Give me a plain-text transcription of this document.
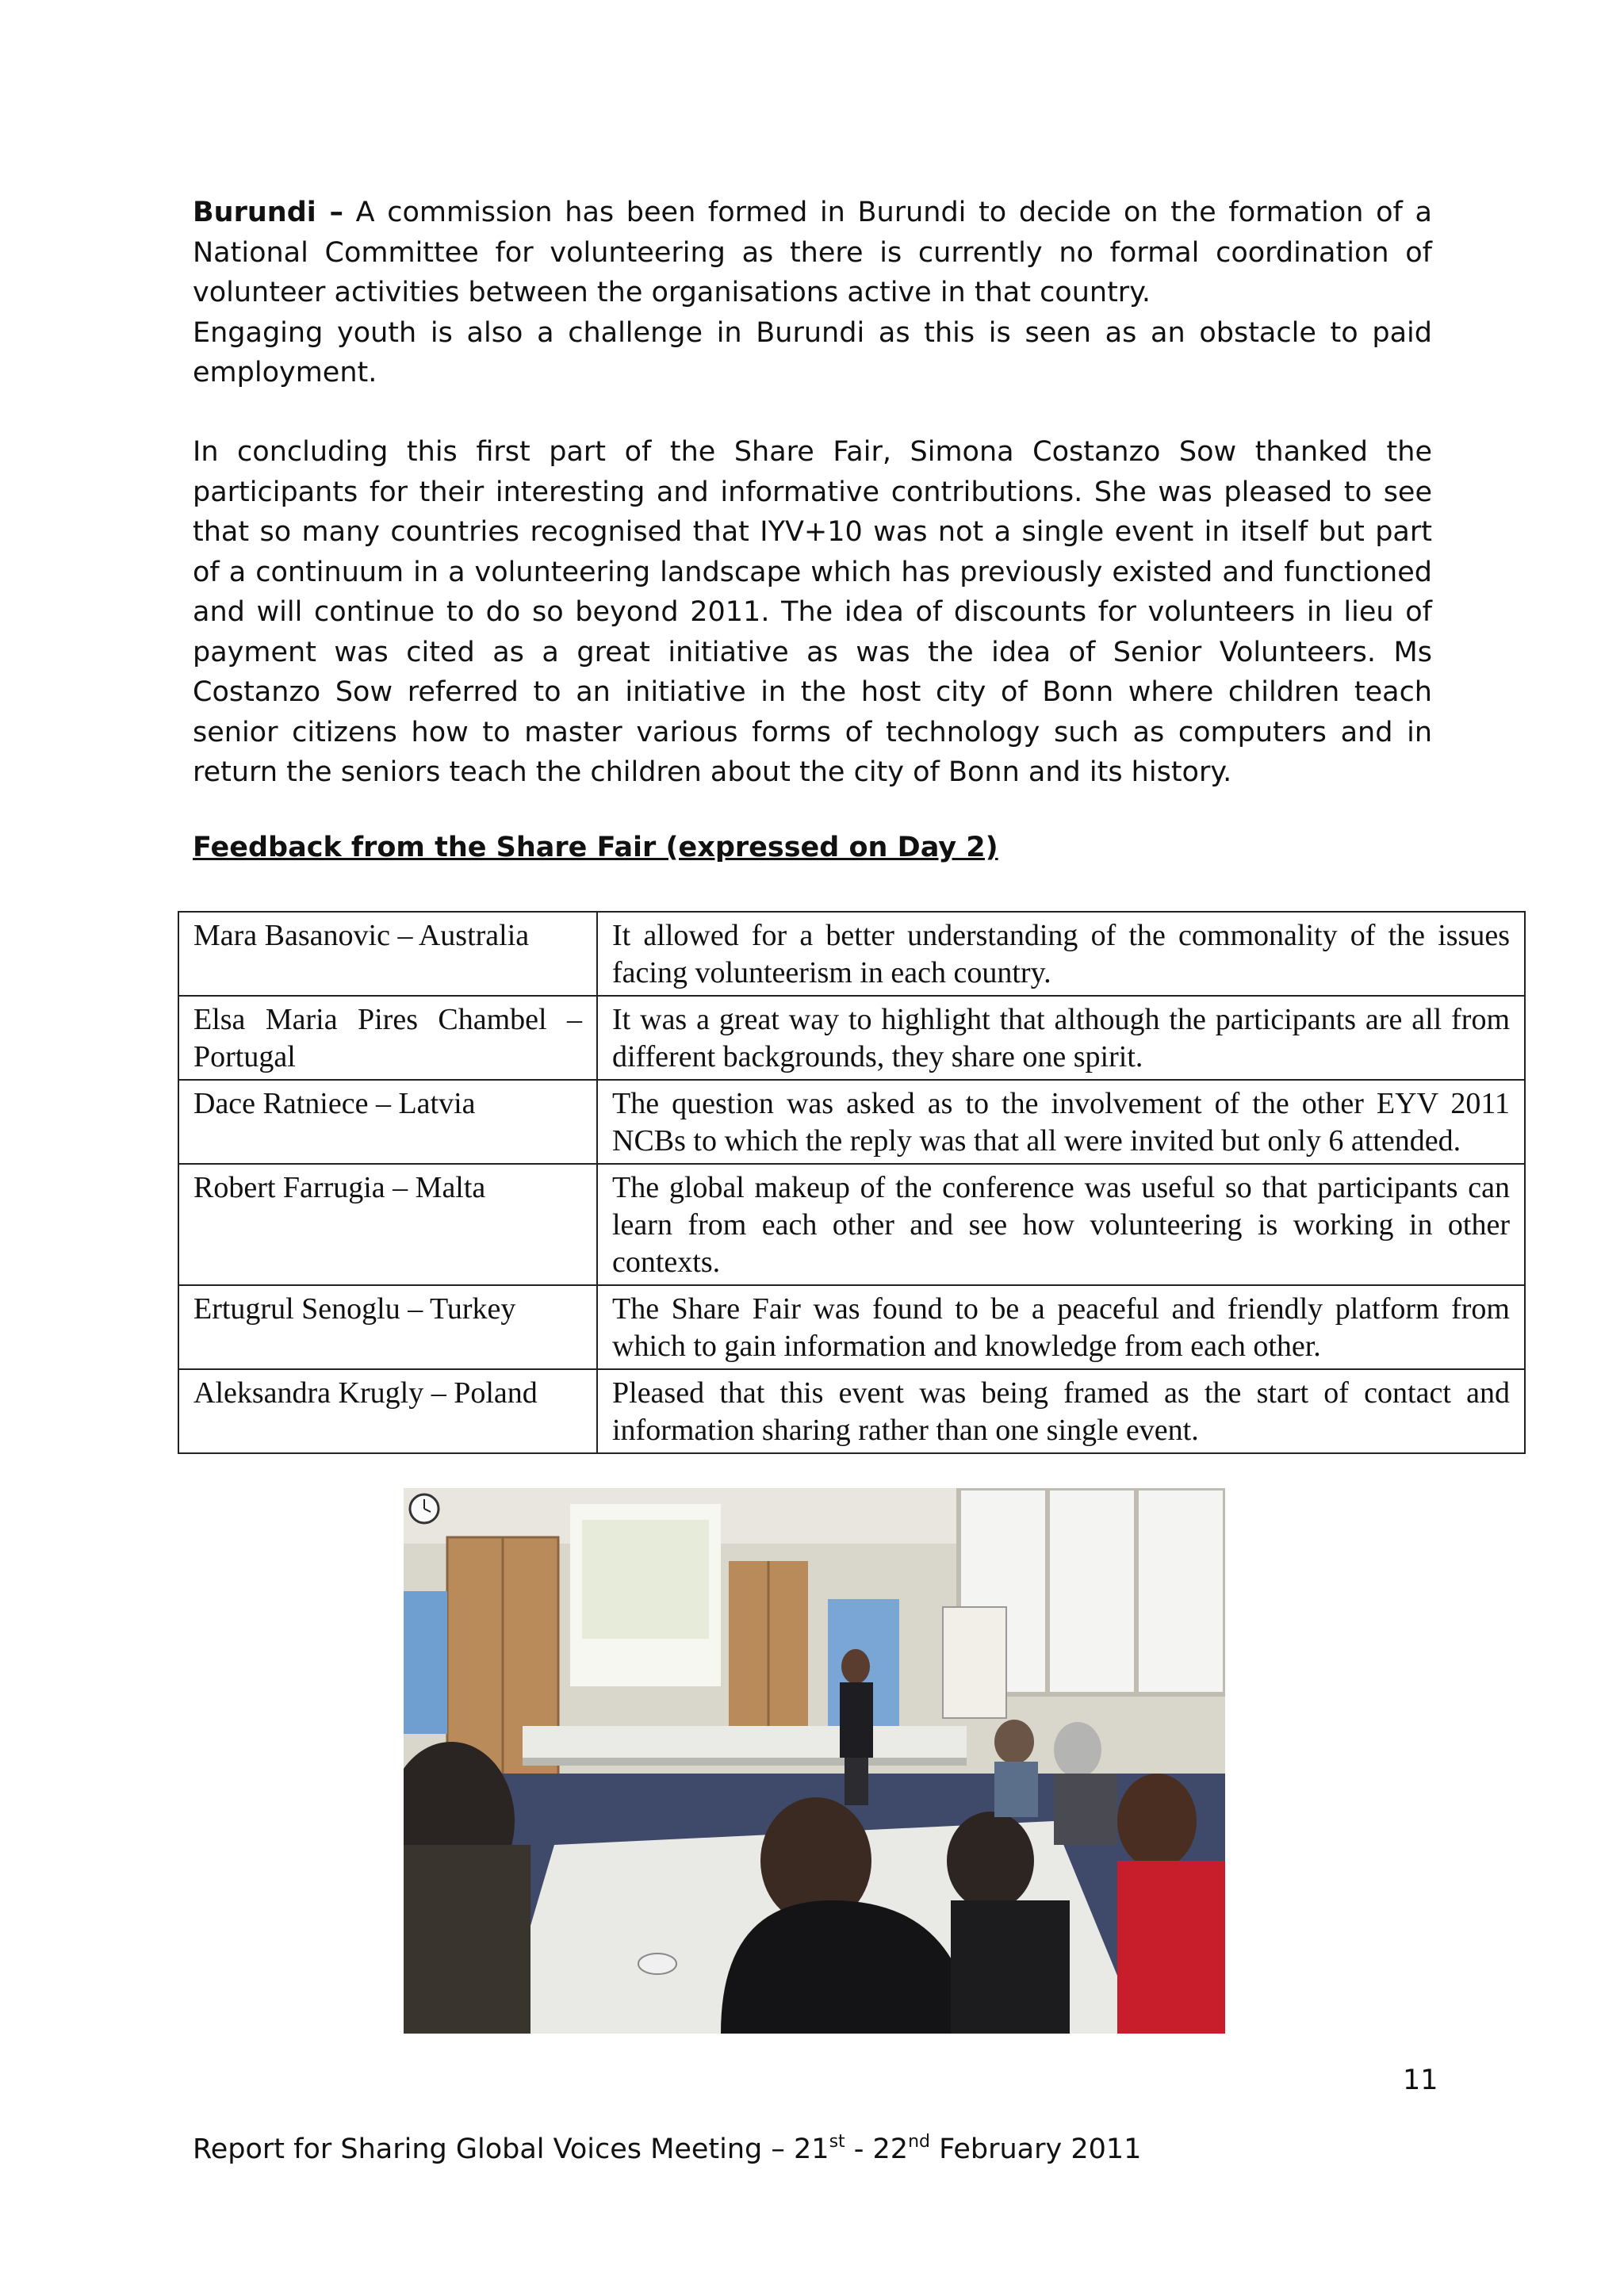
Burundi – A commission has been formed in Burundi to decide on the formation of a National Committee for volunteering as there is currently no formal coordination of volunteer activities between the organisations active in that country.
Engaging youth is also a challenge in Burundi as this is seen as an obstacle to paid employment.
In concluding this first part of the Share Fair, Simona Costanzo Sow thanked the participants for their interesting and informative contributions. She was pleased to see that so many countries recognised that IYV+10 was not a single event in itself but part of a continuum in a volunteering landscape which has previously existed and functioned and will continue to do so beyond 2011. The idea of discounts for volunteers in lieu of payment was cited as a great initiative as was the idea of Senior Volunteers. Ms Costanzo Sow referred to an initiative in the host city of Bonn where children teach senior citizens how to master various forms of technology such as computers and in return the seniors teach the children about the city of Bonn and its history.
Feedback from the Share Fair (expressed on Day 2)
Mara Basanovic – Australia	It allowed for a better understanding of the commonality of the issues facing volunteerism in each country.
Elsa Maria Pires Chambel – Portugal	It was a great way to highlight that although the participants are all from different backgrounds, they share one spirit.
Dace Ratniece – Latvia	The question was asked as to the involvement of the other EYV 2011 NCBs to which the reply was that all were invited but only 6 attended.
Robert Farrugia – Malta	The global makeup of the conference was useful so that participants can learn from each other and see how volunteering is working in other contexts.
Ertugrul Senoglu – Turkey	The Share Fair was found to be a peaceful and friendly platform from which to gain information and knowledge from each other.
Aleksandra Krugly – Poland	Pleased that this event was being framed as the start of contact and information sharing rather than one single event.
11
Report for Sharing Global Voices Meeting – 21st - 22nd February 2011
